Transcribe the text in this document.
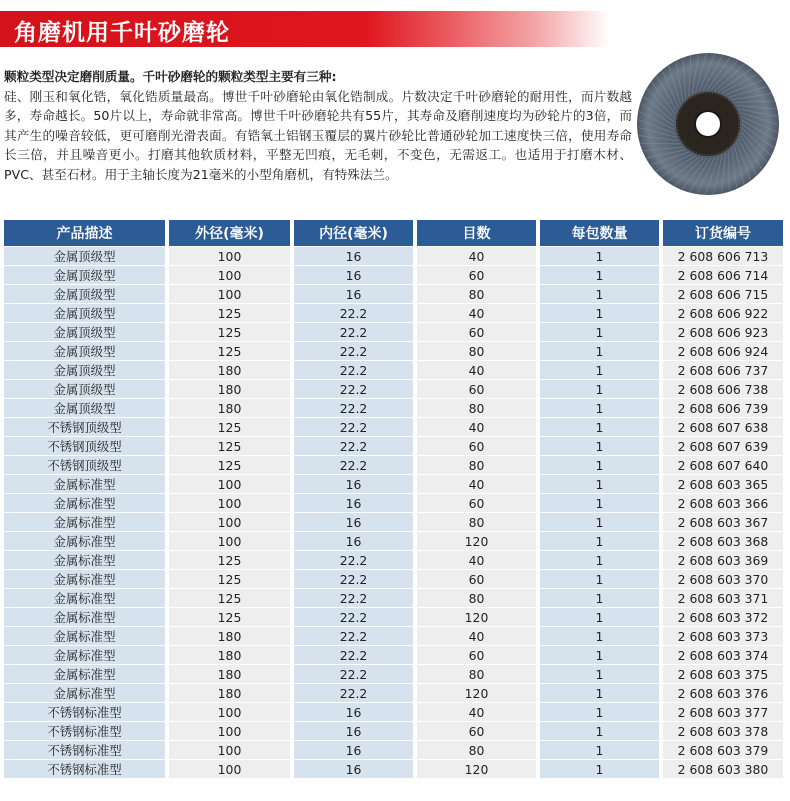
角磨机用千叶砂磨轮
颗粒类型决定磨削质量。千叶砂磨轮的颗粒类型主要有三种:
硅、刚玉和氧化锆，氧化锆质量最高。博世千叶砂磨轮由氧化锆制成。片数决定千叶砂磨轮的耐用性，而片数越多，寿命越长。50片以上，寿命就非常高。博世千叶砂磨轮共有55片，其寿命及磨削速度均为砂轮片的3倍，而其产生的噪音较低，更可磨削光滑表面。有锆氧土铝钢玉覆层的翼片砂轮比普通砂轮加工速度快三倍，使用寿命长三倍，并且噪音更小。打磨其他软质材料，平整无凹痕，无毛刺，不变色，无需返工。也适用于打磨木材、PVC、甚至石材。用于主轴长度为21毫米的小型角磨机，有特殊法兰。
产品描述	外径(毫米)	内径(毫米)	目数	每包数量	订货编号
金属顶级型	100	16	40	1	2 608 606 713
金属顶级型	100	16	60	1	2 608 606 714
金属顶级型	100	16	80	1	2 608 606 715
金属顶级型	125	22.2	40	1	2 608 606 922
金属顶级型	125	22.2	60	1	2 608 606 923
金属顶级型	125	22.2	80	1	2 608 606 924
金属顶级型	180	22.2	40	1	2 608 606 737
金属顶级型	180	22.2	60	1	2 608 606 738
金属顶级型	180	22.2	80	1	2 608 606 739
不锈钢顶级型	125	22.2	40	1	2 608 607 638
不锈钢顶级型	125	22.2	60	1	2 608 607 639
不锈钢顶级型	125	22.2	80	1	2 608 607 640
金属标准型	100	16	40	1	2 608 603 365
金属标准型	100	16	60	1	2 608 603 366
金属标准型	100	16	80	1	2 608 603 367
金属标准型	100	16	120	1	2 608 603 368
金属标准型	125	22.2	40	1	2 608 603 369
金属标准型	125	22.2	60	1	2 608 603 370
金属标准型	125	22.2	80	1	2 608 603 371
金属标准型	125	22.2	120	1	2 608 603 372
金属标准型	180	22.2	40	1	2 608 603 373
金属标准型	180	22.2	60	1	2 608 603 374
金属标准型	180	22.2	80	1	2 608 603 375
金属标准型	180	22.2	120	1	2 608 603 376
不锈钢标准型	100	16	40	1	2 608 603 377
不锈钢标准型	100	16	60	1	2 608 603 378
不锈钢标准型	100	16	80	1	2 608 603 379
不锈钢标准型	100	16	120	1	2 608 603 380
